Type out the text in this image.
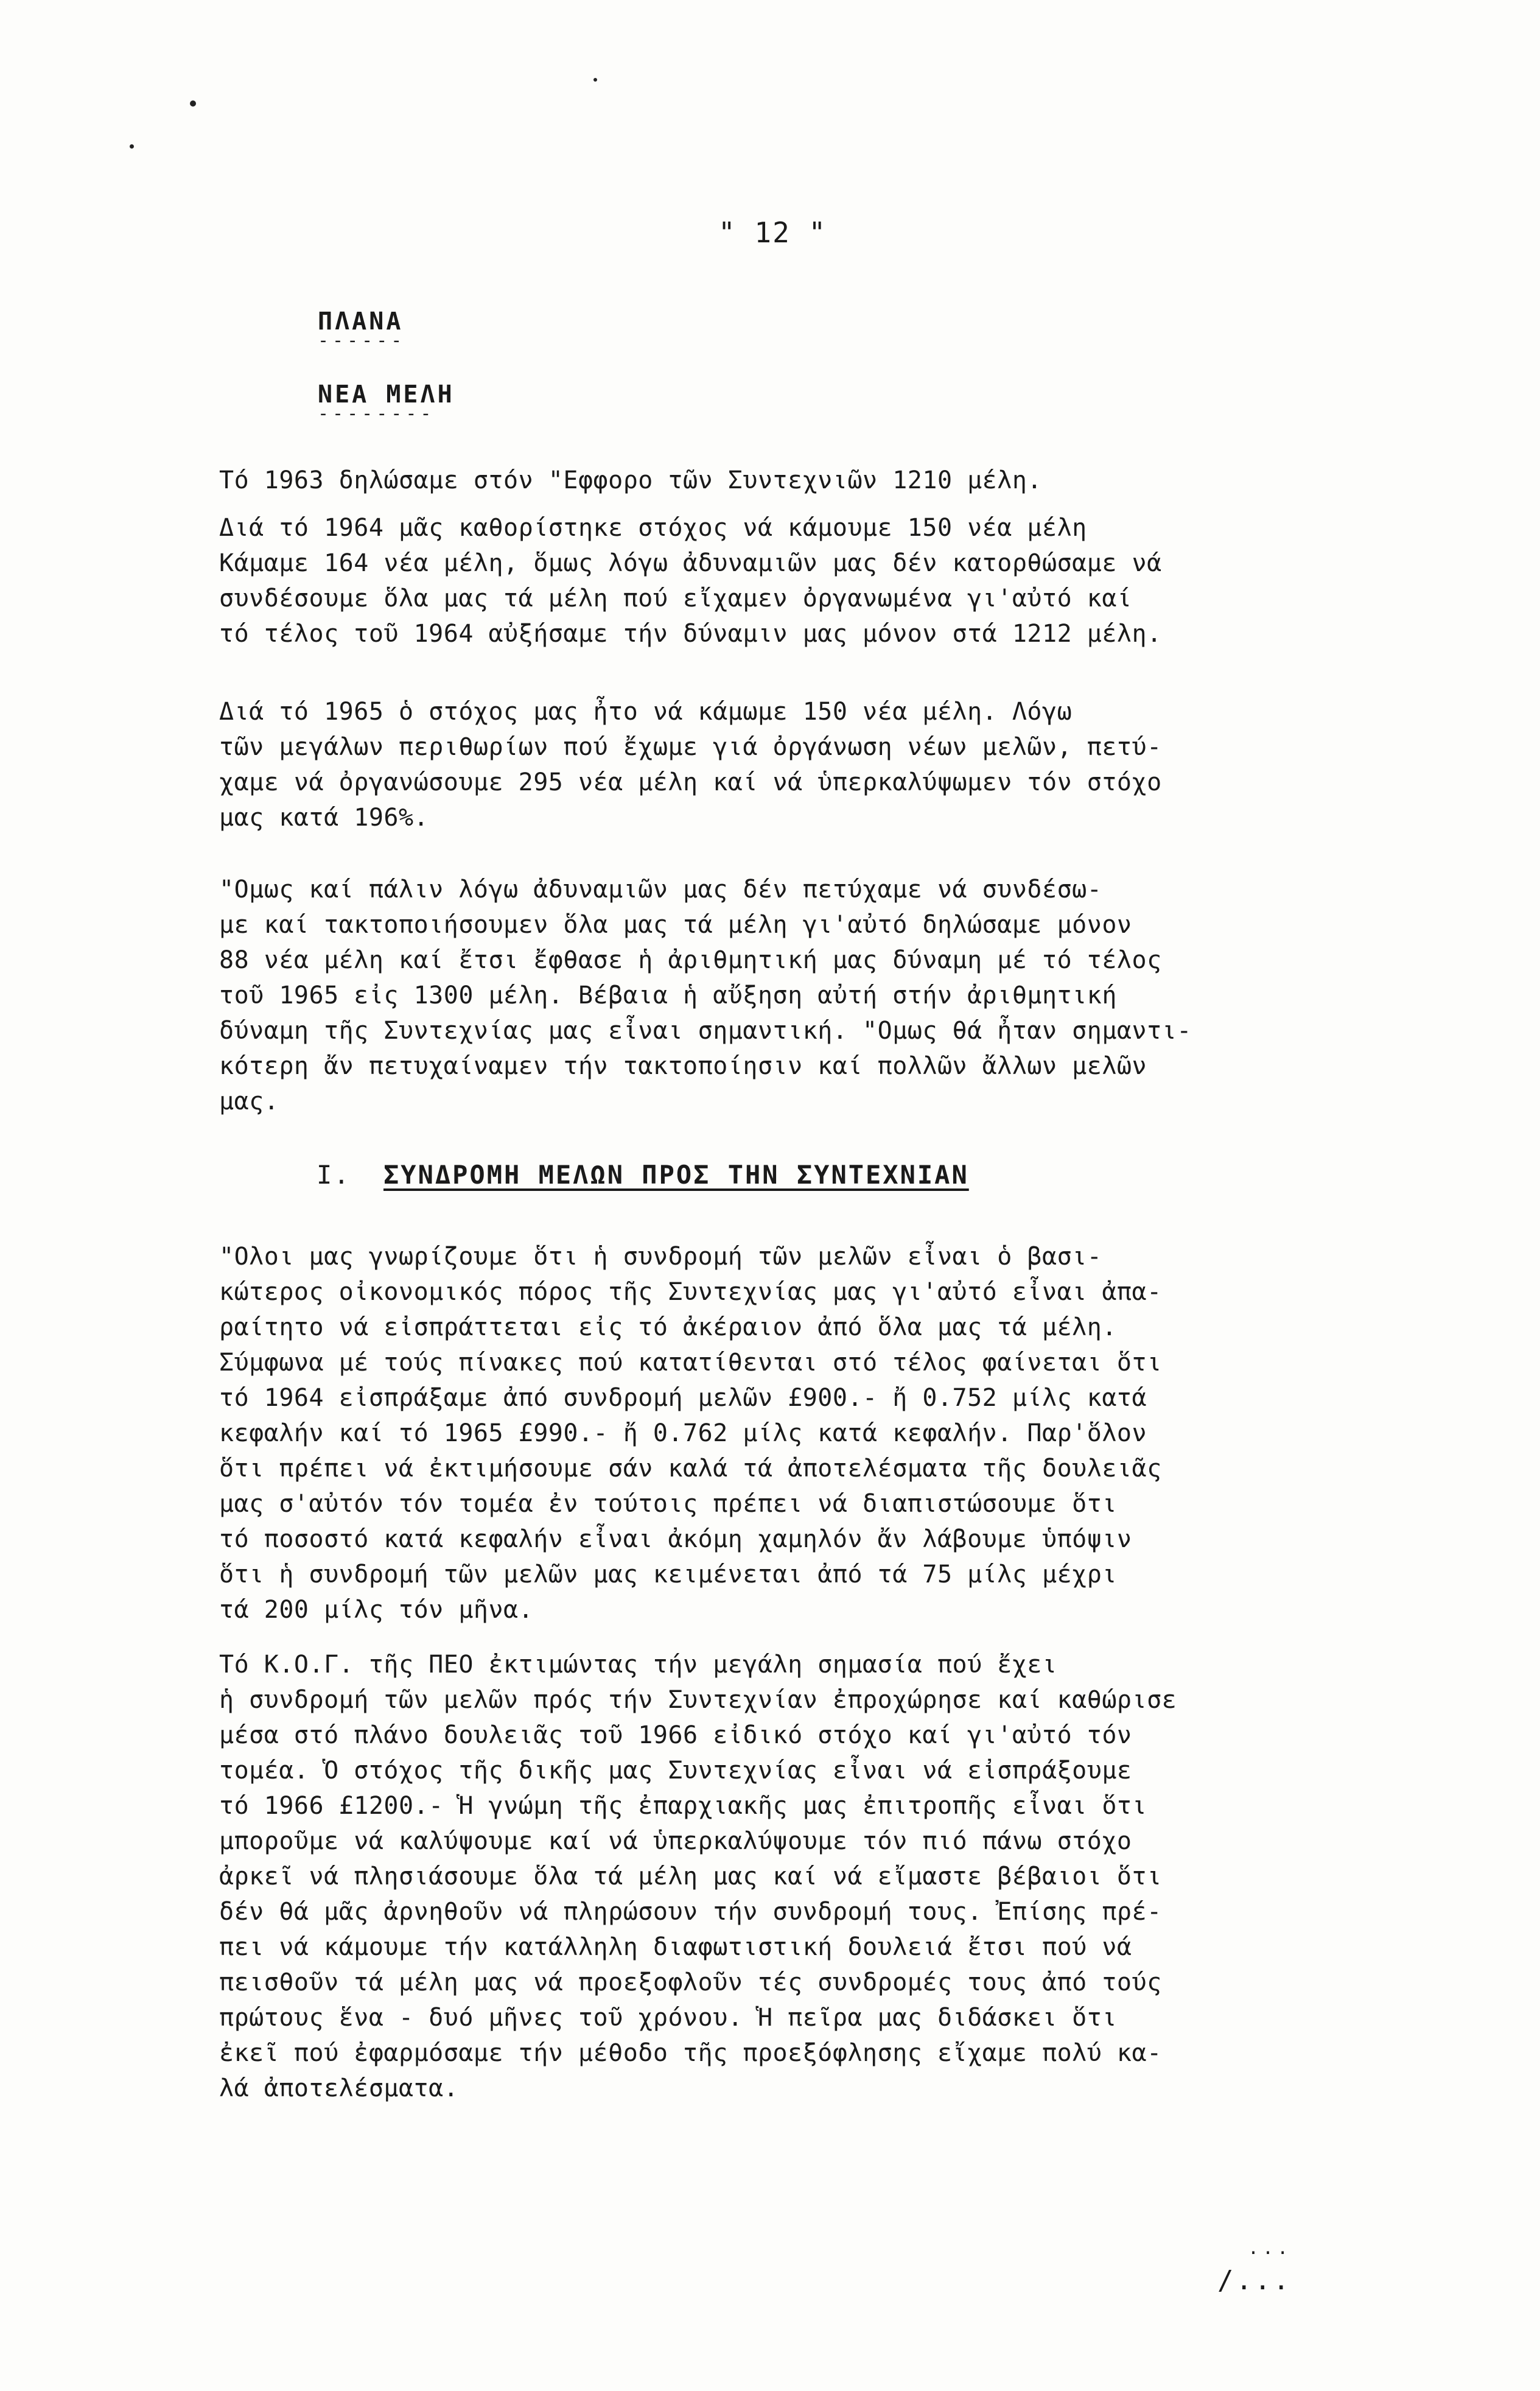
" 12 "
ΠΛΑΝΑ
------
ΝΕΑ ΜΕΛΗ
--------
Τό 1963 δηλώσαμε στόν "Εφφορο τῶν Συντεχνιῶν 1210 μέλη.
Διά τό 1964 μᾶς καθορίστηκε στόχος νά κάμουμε 150 νέα μέλη
Κάμαμε 164 νέα μέλη, ὅμως λόγω ἀδυναμιῶν μας δέν κατορθώσαμε νά
συνδέσουμε ὅλα μας τά μέλη πού εἴχαμεν ὀργανωμένα γι'αὐτό καί
τό τέλος τοῦ 1964 αὐξήσαμε τήν δύναμιν μας μόνον στά 1212 μέλη.
Διά τό 1965 ὁ στόχος μας ἦτο νά κάμωμε 150 νέα μέλη. Λόγω
τῶν μεγάλων περιθωρίων πού ἔχωμε γιά ὀργάνωση νέων μελῶν, πετύ-
χαμε νά ὀργανώσουμε 295 νέα μέλη καί νά ὑπερκαλύψωμεν τόν στόχο
μας κατά 196%.
"Ομως καί πάλιν λόγω ἀδυναμιῶν μας δέν πετύχαμε νά συνδέσω-
με καί τακτοποιήσουμεν ὅλα μας τά μέλη γι'αὐτό δηλώσαμε μόνον
88 νέα μέλη καί ἔτσι ἔφθασε ἡ ἀριθμητική μας δύναμη μέ τό τέλος
τοῦ 1965 εἰς 1300 μέλη. Βέβαια ἡ αὔξηση αὐτή στήν ἀριθμητική
δύναμη τῆς Συντεχνίας μας εἶναι σημαντική. "Ομως θά ἦταν σημαντι-
κότερη ἄν πετυχαίναμεν τήν τακτοποίησιν καί πολλῶν ἄλλων μελῶν
μας.
I. ΣΥΝΔΡΟΜΗ ΜΕΛΩΝ ΠΡΟΣ ΤΗΝ ΣΥΝΤΕΧΝΙΑΝ
"Ολοι μας γνωρίζουμε ὅτι ἡ συνδρομή τῶν μελῶν εἶναι ὁ βασι-
κώτερος οἰκονομικός πόρος τῆς Συντεχνίας μας γι'αὐτό εἶναι ἀπα-
ραίτητο νά εἰσπράττεται εἰς τό ἀκέραιον ἀπό ὅλα μας τά μέλη.
Σύμφωνα μέ τούς πίνακες πού κατατίθενται στό τέλος φαίνεται ὅτι
τό 1964 εἰσπράξαμε ἀπό συνδρομή μελῶν £900.- ἤ 0.752 μίλς κατά
κεφαλήν καί τό 1965 £990.- ἤ 0.762 μίλς κατά κεφαλήν. Παρ'ὅλον
ὅτι πρέπει νά ἐκτιμήσουμε σάν καλά τά ἀποτελέσματα τῆς δουλειᾶς
μας σ'αὐτόν τόν τομέα ἐν τούτοις πρέπει νά διαπιστώσουμε ὅτι
τό ποσοστό κατά κεφαλήν εἶναι ἀκόμη χαμηλόν ἄν λάβουμε ὑπόψιν
ὅτι ἡ συνδρομή τῶν μελῶν μας κειμένεται ἀπό τά 75 μίλς μέχρι
τά 200 μίλς τόν μῆνα.
Τό Κ.Ο.Γ. τῆς ΠΕΟ ἐκτιμώντας τήν μεγάλη σημασία πού ἔχει
ἡ συνδρομή τῶν μελῶν πρός τήν Συντεχνίαν ἐπροχώρησε καί καθώρισε
μέσα στό πλάνο δουλειᾶς τοῦ 1966 εἰδικό στόχο καί γι'αὐτό τόν
τομέα. Ὁ στόχος τῆς δικῆς μας Συντεχνίας εἶναι νά εἰσπράξουμε
τό 1966 £1200.- Ἡ γνώμη τῆς ἐπαρχιακῆς μας ἐπιτροπῆς εἶναι ὅτι
μποροῦμε νά καλύψουμε καί νά ὑπερκαλύψουμε τόν πιό πάνω στόχο
ἀρκεῖ νά πλησιάσουμε ὅλα τά μέλη μας καί νά εἴμαστε βέβαιοι ὅτι
δέν θά μᾶς ἀρνηθοῦν νά πληρώσουν τήν συνδρομή τους. Ἐπίσης πρέ-
πει νά κάμουμε τήν κατάλληλη διαφωτιστική δουλειά ἔτσι πού νά
πεισθοῦν τά μέλη μας νά προεξοφλοῦν τές συνδρομές τους ἀπό τούς
πρώτους ἕνα - δυό μῆνες τοῦ χρόνου. Ἡ πεῖρα μας διδάσκει ὅτι
ἐκεῖ πού ἐφαρμόσαμε τήν μέθοδο τῆς προεξόφλησης εἴχαμε πολύ κα-
λά ἀποτελέσματα.
...
/...
